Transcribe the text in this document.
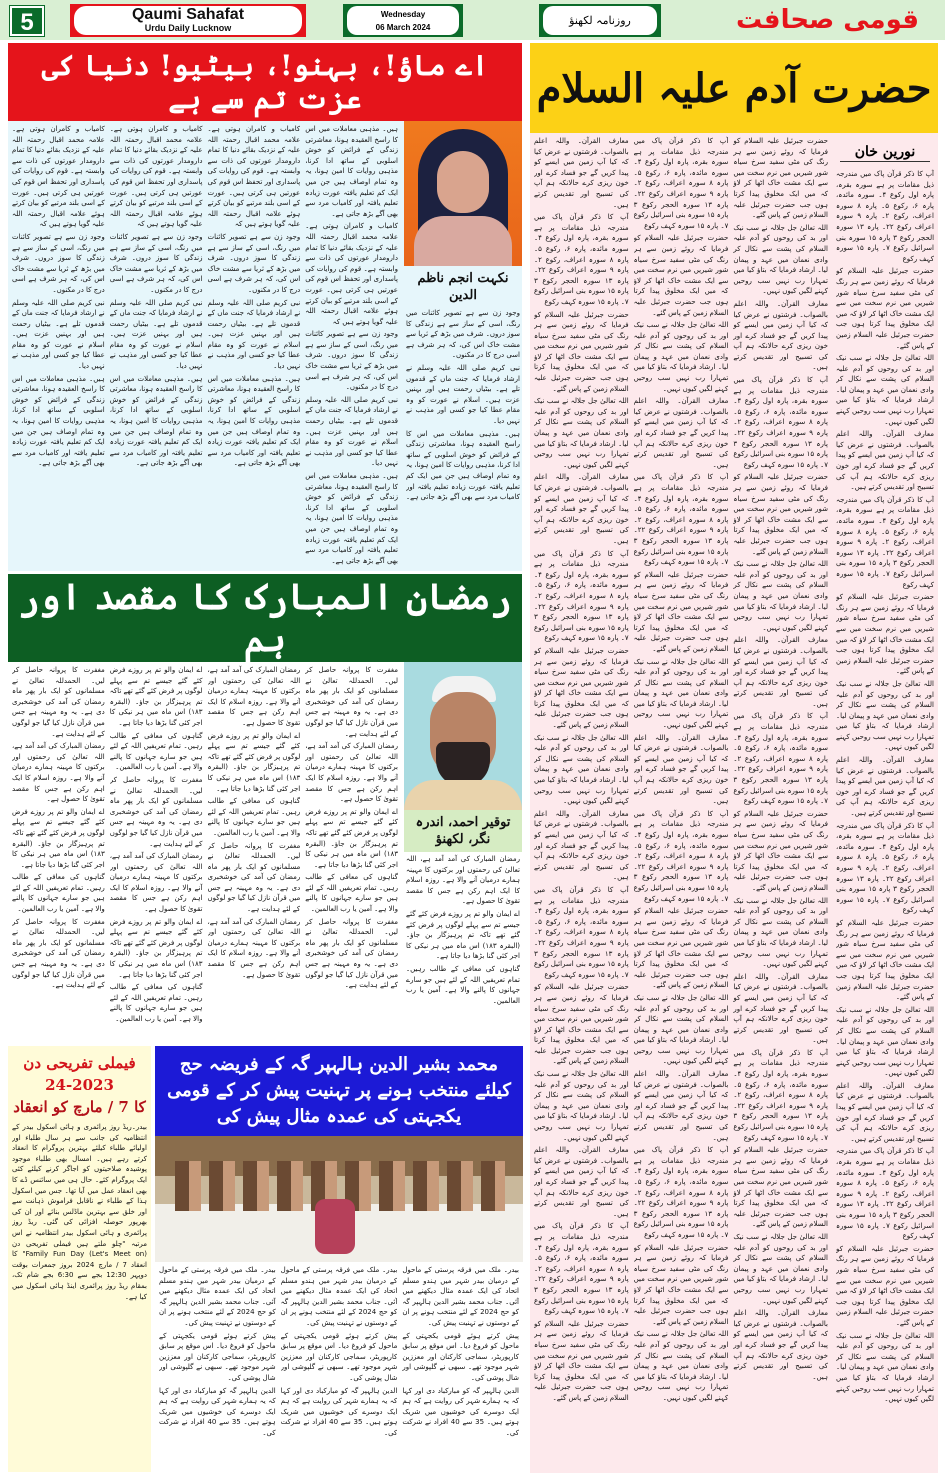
5	Qaumi Sahafat
Urdu Daily Lucknow
Wednesday
06 March 2024
روزنامہ لکھنؤ	قومی صحافت
اے ماؤ!، بہنو!، بیٹیو! دنیا کی عزت تم سے ہے

ہیں۔ مذہبی معاملات میں اس کا راسخ العقیدہ ہونا، معاشرتی زندگی کے فرائض کو خوش اسلوبی کے ساتھ ادا کرنا، مذہبی روایات کا امین ہونا، یہ وہ تمام اوصاف ہیں جن میں ایک کم تعلیم یافتہ عورت زیادہ تعلیم یافتہ اور کامیاب مرد سے بھی آگے بڑھ جاتی ہے۔

کامیاب و کامران ہوتی ہے۔ علامہ محمد اقبال رحمتہ اللہ علیہ کے نزدیک بقائے دنیا کا تمام دارومدار عورتوں کی ذات سے وابستہ ہے۔ قوم کی روایات کی پاسداری اور تحفظ اس قوم کی عورتیں ہی کرتی ہیں۔ عورت کے اسی بلند مرتبے کو بیان کرتے ہوئے علامہ اقبال رحمتہ اللہ علیہ گویا ہوتے ہیں کہ

وجود زن سے ہے تصویر کائنات میں رنگ، اسی کے ساز سے ہے زندگی کا سوز دروں۔ شرف میں بڑھ کے ثریا سے مشت خاک اس کی، کہ ہر شرف ہے اسی درج کا در مکنوں۔

نبی کریم صلی اللہ علیہ وسلم نے ارشاد فرمایا کہ جنت ماں کے قدموں تلے ہے۔ بیٹیاں رحمت ہیں اور بہنیں عزت ہیں۔ اسلام نے عورت کو وہ مقام عطا کیا جو کسی اور مذہب نے نہیں دیا۔

ہیں۔ مذہبی معاملات میں اس کا راسخ العقیدہ ہونا، معاشرتی زندگی کے فرائض کو خوش اسلوبی کے ساتھ ادا کرنا، مذہبی روایات کا امین ہونا، یہ وہ تمام اوصاف ہیں جن میں ایک کم تعلیم یافتہ عورت زیادہ تعلیم یافتہ اور کامیاب مرد سے بھی آگے بڑھ جاتی ہے۔

کامیاب و کامران ہوتی ہے۔ علامہ محمد اقبال رحمتہ اللہ علیہ کے نزدیک بقائے دنیا کا تمام دارومدار عورتوں کی ذات سے وابستہ ہے۔ قوم کی روایات کی پاسداری اور تحفظ اس قوم کی عورتیں ہی کرتی ہیں۔ عورت کے اسی بلند مرتبے کو بیان کرتے ہوئے علامہ اقبال رحمتہ اللہ علیہ گویا ہوتے ہیں کہ

وجود زن سے ہے تصویر کائنات میں رنگ، اسی کے ساز سے ہے زندگی کا سوز دروں۔ شرف میں بڑھ کے ثریا سے مشت خاک اس کی، کہ ہر شرف ہے اسی درج کا در مکنوں۔

نبی کریم صلی اللہ علیہ وسلم نے ارشاد فرمایا کہ جنت ماں کے قدموں تلے ہے۔ بیٹیاں رحمت ہیں اور بہنیں عزت ہیں۔ اسلام نے عورت کو وہ مقام عطا کیا جو کسی اور مذہب نے نہیں دیا۔

ہیں۔ مذہبی معاملات میں اس کا راسخ العقیدہ ہونا، معاشرتی زندگی کے فرائض کو خوش اسلوبی کے ساتھ ادا کرنا، مذہبی روایات کا امین ہونا، یہ وہ تمام اوصاف ہیں جن میں ایک کم تعلیم یافتہ عورت زیادہ تعلیم یافتہ اور کامیاب مرد سے بھی آگے بڑھ جاتی ہے۔

کامیاب و کامران ہوتی ہے۔ علامہ محمد اقبال رحمتہ اللہ علیہ کے نزدیک بقائے دنیا کا تمام دارومدار عورتوں کی ذات سے وابستہ ہے۔ قوم کی روایات کی پاسداری اور تحفظ اس قوم کی عورتیں ہی کرتی ہیں۔ عورت کے اسی بلند مرتبے کو بیان کرتے ہوئے علامہ اقبال رحمتہ اللہ علیہ گویا ہوتے ہیں کہ

وجود زن سے ہے تصویر کائنات میں رنگ، اسی کے ساز سے ہے زندگی کا سوز دروں۔ شرف میں بڑھ کے ثریا سے مشت خاک اس کی، کہ ہر شرف ہے اسی درج کا در مکنوں۔

نبی کریم صلی اللہ علیہ وسلم نے ارشاد فرمایا کہ جنت ماں کے قدموں تلے ہے۔ بیٹیاں رحمت ہیں اور بہنیں عزت ہیں۔ اسلام نے عورت کو وہ مقام عطا کیا جو کسی اور مذہب نے نہیں دیا۔

ہیں۔ مذہبی معاملات میں اس کا راسخ العقیدہ ہونا، معاشرتی زندگی کے فرائض کو خوش اسلوبی کے ساتھ ادا کرنا، مذہبی روایات کا امین ہونا، یہ وہ تمام اوصاف ہیں جن میں ایک کم تعلیم یافتہ عورت زیادہ تعلیم یافتہ اور کامیاب مرد سے بھی آگے بڑھ جاتی ہے۔

کامیاب و کامران ہوتی ہے۔ علامہ محمد اقبال رحمتہ اللہ علیہ کے نزدیک بقائے دنیا کا تمام دارومدار عورتوں کی ذات سے وابستہ ہے۔ قوم کی روایات کی پاسداری اور تحفظ اس قوم کی عورتیں ہی کرتی ہیں۔ عورت کے اسی بلند مرتبے کو بیان کرتے ہوئے علامہ اقبال رحمتہ اللہ علیہ گویا ہوتے ہیں کہ

وجود زن سے ہے تصویر کائنات میں رنگ، اسی کے ساز سے ہے زندگی کا سوز دروں۔ شرف میں بڑھ کے ثریا سے مشت خاک اس کی، کہ ہر شرف ہے اسی درج کا در مکنوں۔

نبی کریم صلی اللہ علیہ وسلم نے ارشاد فرمایا کہ جنت ماں کے قدموں تلے ہے۔ بیٹیاں رحمت ہیں اور بہنیں عزت ہیں۔ اسلام نے عورت کو وہ مقام عطا کیا جو کسی اور مذہب نے نہیں دیا۔

ہیں۔ مذہبی معاملات میں اس کا راسخ العقیدہ ہونا، معاشرتی زندگی کے فرائض کو خوش اسلوبی کے ساتھ ادا کرنا، مذہبی روایات کا امین ہونا، یہ وہ تمام اوصاف ہیں جن میں ایک کم تعلیم یافتہ عورت زیادہ تعلیم یافتہ اور کامیاب مرد سے بھی آگے بڑھ جاتی ہے۔

نکہت انجم ناظم الدین

وجود زن سے ہے تصویر کائنات میں رنگ، اسی کے ساز سے ہے زندگی کا سوز دروں۔ شرف میں بڑھ کے ثریا سے مشت خاک اس کی، کہ ہر شرف ہے اسی درج کا در مکنوں۔

نبی کریم صلی اللہ علیہ وسلم نے ارشاد فرمایا کہ جنت ماں کے قدموں تلے ہے۔ بیٹیاں رحمت ہیں اور بہنیں عزت ہیں۔ اسلام نے عورت کو وہ مقام عطا کیا جو کسی اور مذہب نے نہیں دیا۔

ہیں۔ مذہبی معاملات میں اس کا راسخ العقیدہ ہونا، معاشرتی زندگی کے فرائض کو خوش اسلوبی کے ساتھ ادا کرنا، مذہبی روایات کا امین ہونا، یہ وہ تمام اوصاف ہیں جن میں ایک کم تعلیم یافتہ عورت زیادہ تعلیم یافتہ اور کامیاب مرد سے بھی آگے بڑھ جاتی ہے۔

رمضان المبارک کا مقصد اور ہم

مغفرت کا پروانہ حاصل کر لیں۔ الحمدللہ تعالیٰ نے مسلمانوں کو ایک بار پھر ماہ رمضان کی آمد کی خوشخبری دی ہے۔ یہ وہ مہینہ ہے جس میں قرآن نازل کیا گیا جو لوگوں کے لئے ہدایت ہے۔

رمضان المبارک کی آمد آمد ہے، اللہ تعالیٰ کی رحمتوں اور برکتوں کا مہینہ ہمارے درمیان آنے والا ہے۔ روزہ اسلام کا ایک اہم رکن ہے جس کا مقصد تقویٰ کا حصول ہے۔

اے ایمان والو تم پر روزے فرض کئے گئے جیسے تم سے پہلے لوگوں پر فرض کئے گئے تھے تاکہ تم پرہیزگار بن جاؤ۔ (البقرہ ۱۸۳) اس ماہ میں ہر نیکی کا اجر کئی گنا بڑھا دیا جاتا ہے۔

گناہوں کی معافی کے طالب رہیں۔ تمام تعریفیں اللہ کے لئے ہیں جو سارے جہانوں کا پالنے والا ہے۔ آمین یا رب العالمین۔

مغفرت کا پروانہ حاصل کر لیں۔ الحمدللہ تعالیٰ نے مسلمانوں کو ایک بار پھر ماہ رمضان کی آمد کی خوشخبری دی ہے۔ یہ وہ مہینہ ہے جس میں قرآن نازل کیا گیا جو لوگوں کے لئے ہدایت ہے۔

رمضان المبارک کی آمد آمد ہے، اللہ تعالیٰ کی رحمتوں اور برکتوں کا مہینہ ہمارے درمیان آنے والا ہے۔ روزہ اسلام کا ایک اہم رکن ہے جس کا مقصد تقویٰ کا حصول ہے۔

اے ایمان والو تم پر روزے فرض کئے گئے جیسے تم سے پہلے لوگوں پر فرض کئے گئے تھے تاکہ تم پرہیزگار بن جاؤ۔ (البقرہ ۱۸۳) اس ماہ میں ہر نیکی کا اجر کئی گنا بڑھا دیا جاتا ہے۔

گناہوں کی معافی کے طالب رہیں۔ تمام تعریفیں اللہ کے لئے ہیں جو سارے جہانوں کا پالنے والا ہے۔ آمین یا رب العالمین۔

مغفرت کا پروانہ حاصل کر لیں۔ الحمدللہ تعالیٰ نے مسلمانوں کو ایک بار پھر ماہ رمضان کی آمد کی خوشخبری دی ہے۔ یہ وہ مہینہ ہے جس میں قرآن نازل کیا گیا جو لوگوں کے لئے ہدایت ہے۔

رمضان المبارک کی آمد آمد ہے، اللہ تعالیٰ کی رحمتوں اور برکتوں کا مہینہ ہمارے درمیان آنے والا ہے۔ روزہ اسلام کا ایک اہم رکن ہے جس کا مقصد تقویٰ کا حصول ہے۔

اے ایمان والو تم پر روزے فرض کئے گئے جیسے تم سے پہلے لوگوں پر فرض کئے گئے تھے تاکہ تم پرہیزگار بن جاؤ۔ (البقرہ ۱۸۳) اس ماہ میں ہر نیکی کا اجر کئی گنا بڑھا دیا جاتا ہے۔

گناہوں کی معافی کے طالب رہیں۔ تمام تعریفیں اللہ کے لئے ہیں جو سارے جہانوں کا پالنے والا ہے۔ آمین یا رب العالمین۔

مغفرت کا پروانہ حاصل کر لیں۔ الحمدللہ تعالیٰ نے مسلمانوں کو ایک بار پھر ماہ رمضان کی آمد کی خوشخبری دی ہے۔ یہ وہ مہینہ ہے جس میں قرآن نازل کیا گیا جو لوگوں کے لئے ہدایت ہے۔

رمضان المبارک کی آمد آمد ہے، اللہ تعالیٰ کی رحمتوں اور برکتوں کا مہینہ ہمارے درمیان آنے والا ہے۔ روزہ اسلام کا ایک اہم رکن ہے جس کا مقصد تقویٰ کا حصول ہے۔

اے ایمان والو تم پر روزے فرض کئے گئے جیسے تم سے پہلے لوگوں پر فرض کئے گئے تھے تاکہ تم پرہیزگار بن جاؤ۔ (البقرہ ۱۸۳) اس ماہ میں ہر نیکی کا اجر کئی گنا بڑھا دیا جاتا ہے۔

گناہوں کی معافی کے طالب رہیں۔ تمام تعریفیں اللہ کے لئے ہیں جو سارے جہانوں کا پالنے والا ہے۔ آمین یا رب العالمین۔

مغفرت کا پروانہ حاصل کر لیں۔ الحمدللہ تعالیٰ نے مسلمانوں کو ایک بار پھر ماہ رمضان کی آمد کی خوشخبری دی ہے۔ یہ وہ مہینہ ہے جس میں قرآن نازل کیا گیا جو لوگوں کے لئے ہدایت ہے۔

رمضان المبارک کی آمد آمد ہے، اللہ تعالیٰ کی رحمتوں اور برکتوں کا مہینہ ہمارے درمیان آنے والا ہے۔ روزہ اسلام کا ایک اہم رکن ہے جس کا مقصد تقویٰ کا حصول ہے۔

اے ایمان والو تم پر روزے فرض کئے گئے جیسے تم سے پہلے لوگوں پر فرض کئے گئے تھے تاکہ تم پرہیزگار بن جاؤ۔ (البقرہ ۱۸۳) اس ماہ میں ہر نیکی کا اجر کئی گنا بڑھا دیا جاتا ہے۔

گناہوں کی معافی کے طالب رہیں۔ تمام تعریفیں اللہ کے لئے ہیں جو سارے جہانوں کا پالنے والا ہے۔ آمین یا رب العالمین۔

مغفرت کا پروانہ حاصل کر لیں۔ الحمدللہ تعالیٰ نے مسلمانوں کو ایک بار پھر ماہ رمضان کی آمد کی خوشخبری دی ہے۔ یہ وہ مہینہ ہے جس میں قرآن نازل کیا گیا جو لوگوں کے لئے ہدایت ہے۔

توقیر احمد، اندرہ نگر، لکھنؤ

رمضان المبارک کی آمد آمد ہے، اللہ تعالیٰ کی رحمتوں اور برکتوں کا مہینہ ہمارے درمیان آنے والا ہے۔ روزہ اسلام کا ایک اہم رکن ہے جس کا مقصد تقویٰ کا حصول ہے۔

اے ایمان والو تم پر روزے فرض کئے گئے جیسے تم سے پہلے لوگوں پر فرض کئے گئے تھے تاکہ تم پرہیزگار بن جاؤ۔ (البقرہ ۱۸۳) اس ماہ میں ہر نیکی کا اجر کئی گنا بڑھا دیا جاتا ہے۔

گناہوں کی معافی کے طالب رہیں۔ تمام تعریفیں اللہ کے لئے ہیں جو سارے جہانوں کا پالنے والا ہے۔ آمین یا رب العالمین۔

فیملی تفریحی دن 2023-24
کا 7 / مارچ کو انعقاد

بیدر۔ریڈ روز پرائمری و ہائی اسکول بیدر کے انتظامیہ کی جانب سے ہر سال طلباء اور اولیائے طلباء کیلئے بہترین پروگرام کا انعقاد کرتے رہے ہیں۔ امسال بھی طلباء موجود پوشیدہ صلاحیتوں کو اجاگر کرنے کیلئے کئی ایک پروگرام کئے۔ حال ہی میں سائنس ڈے کا بھی انعقاد عمل میں آیا تھا۔ جس میں اسکول ہذا کے طلباء نے ناقابل فراموش ذہانت سے اور خلق سے بہترین ماڈلس بنائے اور ان کی بھرپور حوصلہ افزائی کی گئی۔ ریڈ روز پرائمری و ہائی اسکول بیدر انتظامیہ نے اس مرتبہ "چلو ملتے ہیں فیملی تفریحی دن (Let's Meet on) Family Fun Day" کا انعقاد 7 / مارچ 2024 بروز جمعرات بوقت دوپہر 12:30 بجے سے 6:30 بجے شام تک، بمقام ریڈ روز پرائمری اینڈ ہائی اسکول میں کیا ہے۔

محمد بشیر الدین ہالہپر گہ کے فریضہ حج کیلئے منتخب ہونے پر تہنیت پیش کر کے قومی یکجہتی کی عمدہ مثال پیش کی

بیدر۔ ملک میں فرقہ پرستی کے ماحول کے درمیان بیدر شہر میں ہندو مسلم اتحاد کی ایک عمدہ مثال دیکھنے میں آئی۔ جناب محمد بشیر الدین ہالہپر گہ کو حج 2024 کے لئے منتخب ہونے پر ان کے دوستوں نے تہنیت پیش کی۔

پیش کرتے ہوئے قومی یکجہتی کے ماحول کو فروغ دیا۔ اس موقع پر سابق کارپوریٹر، سماجی کارکنان اور معززین شہر موجود تھے۔ سبھی نے گلپوشی اور شال پوشی کی۔

الدین ہالہپر گہ کو مبارکباد دی اور کہا کہ یہ ہمارے شہر کی روایت ہے کہ ہم ایک دوسرے کی خوشیوں میں شریک ہوتے ہیں۔ 35 سے 40 افراد نے شرکت کی۔

بیدر۔ ملک میں فرقہ پرستی کے ماحول کے درمیان بیدر شہر میں ہندو مسلم اتحاد کی ایک عمدہ مثال دیکھنے میں آئی۔ جناب محمد بشیر الدین ہالہپر گہ کو حج 2024 کے لئے منتخب ہونے پر ان کے دوستوں نے تہنیت پیش کی۔

پیش کرتے ہوئے قومی یکجہتی کے ماحول کو فروغ دیا۔ اس موقع پر سابق کارپوریٹر، سماجی کارکنان اور معززین شہر موجود تھے۔ سبھی نے گلپوشی اور شال پوشی کی۔

الدین ہالہپر گہ کو مبارکباد دی اور کہا کہ یہ ہمارے شہر کی روایت ہے کہ ہم ایک دوسرے کی خوشیوں میں شریک ہوتے ہیں۔ 35 سے 40 افراد نے شرکت کی۔

بیدر۔ ملک میں فرقہ پرستی کے ماحول کے درمیان بیدر شہر میں ہندو مسلم اتحاد کی ایک عمدہ مثال دیکھنے میں آئی۔ جناب محمد بشیر الدین ہالہپر گہ کو حج 2024 کے لئے منتخب ہونے پر ان کے دوستوں نے تہنیت پیش کی۔

پیش کرتے ہوئے قومی یکجہتی کے ماحول کو فروغ دیا۔ اس موقع پر سابق کارپوریٹر، سماجی کارکنان اور معززین شہر موجود تھے۔ سبھی نے گلپوشی اور شال پوشی کی۔

الدین ہالہپر گہ کو مبارکباد دی اور کہا کہ یہ ہمارے شہر کی روایت ہے کہ ہم ایک دوسرے کی خوشیوں میں شریک ہوتے ہیں۔ 35 سے 40 افراد نے شرکت کی۔

حضرت آدم علیہ السلام
نورین خان

آپ کا ذکر قرآن پاک میں مندرجہ ذیل مقامات پر ہے سورہ بقرہ، پارہ اول رکوع ۴۔ سورہ مائدہ، پارہ ۶، رکوع ۵۔ پارہ ۸ سورہ اعراف، رکوع ۲۔ پارہ ۹ سورہ اعراف رکوع ۲۲۔ پارہ ۱۳ سورہ الحجر رکوع ۳ پارہ ۱۵ سورہ بنی اسرائیل رکوع ۷۔ پارہ ۱۵ سورہ کہف رکوع

حضرت جبرئیل علیہ السلام کو فرمایا کہ روئے زمین سے ہر رنگ کی مٹی سفید سرخ سیاہ شور شیریں میں نرم سخت میں سے ایک مشت خاک اٹھا کر لاؤ کہ میں ایک مخلوق پیدا کرتا ہوں جب حضرت جبرئیل علیہ السلام زمین کے پاس گئے۔

اللہ تعالیٰ جل جلالہ نے سب نیک اور بد کی روحوں کو آدم علیہ السلام کی پشت سے نکال کر وادی نعمان میں عہد و پیمان لیا۔ ارشاد فرمایا کہ بتاؤ کیا میں تمہارا رب نہیں سب روحیں کہنے لگیں کیوں نہیں۔

معارف القرآن۔ واللہ اعلم بالصواب۔ فرشتوں نے عرض کیا کہ کیا آپ زمین میں ایسے کو پیدا کریں گے جو فساد کرے اور خون ریزی کرے حالانکہ ہم آپ کی تسبیح اور تقدیس کرتے ہیں۔

آپ کا ذکر قرآن پاک میں مندرجہ ذیل مقامات پر ہے سورہ بقرہ، پارہ اول رکوع ۴۔ سورہ مائدہ، پارہ ۶، رکوع ۵۔ پارہ ۸ سورہ اعراف، رکوع ۲۔ پارہ ۹ سورہ اعراف رکوع ۲۲۔ پارہ ۱۳ سورہ الحجر رکوع ۳ پارہ ۱۵ سورہ بنی اسرائیل رکوع ۷۔ پارہ ۱۵ سورہ کہف رکوع

حضرت جبرئیل علیہ السلام کو فرمایا کہ روئے زمین سے ہر رنگ کی مٹی سفید سرخ سیاہ شور شیریں میں نرم سخت میں سے ایک مشت خاک اٹھا کر لاؤ کہ میں ایک مخلوق پیدا کرتا ہوں جب حضرت جبرئیل علیہ السلام زمین کے پاس گئے۔

اللہ تعالیٰ جل جلالہ نے سب نیک اور بد کی روحوں کو آدم علیہ السلام کی پشت سے نکال کر وادی نعمان میں عہد و پیمان لیا۔ ارشاد فرمایا کہ بتاؤ کیا میں تمہارا رب نہیں سب روحیں کہنے لگیں کیوں نہیں۔

معارف القرآن۔ واللہ اعلم بالصواب۔ فرشتوں نے عرض کیا کہ کیا آپ زمین میں ایسے کو پیدا کریں گے جو فساد کرے اور خون ریزی کرے حالانکہ ہم آپ کی تسبیح اور تقدیس کرتے ہیں۔

آپ کا ذکر قرآن پاک میں مندرجہ ذیل مقامات پر ہے سورہ بقرہ، پارہ اول رکوع ۴۔ سورہ مائدہ، پارہ ۶، رکوع ۵۔ پارہ ۸ سورہ اعراف، رکوع ۲۔ پارہ ۹ سورہ اعراف رکوع ۲۲۔ پارہ ۱۳ سورہ الحجر رکوع ۳ پارہ ۱۵ سورہ بنی اسرائیل رکوع ۷۔ پارہ ۱۵ سورہ کہف رکوع

حضرت جبرئیل علیہ السلام کو فرمایا کہ روئے زمین سے ہر رنگ کی مٹی سفید سرخ سیاہ شور شیریں میں نرم سخت میں سے ایک مشت خاک اٹھا کر لاؤ کہ میں ایک مخلوق پیدا کرتا ہوں جب حضرت جبرئیل علیہ السلام زمین کے پاس گئے۔

اللہ تعالیٰ جل جلالہ نے سب نیک اور بد کی روحوں کو آدم علیہ السلام کی پشت سے نکال کر وادی نعمان میں عہد و پیمان لیا۔ ارشاد فرمایا کہ بتاؤ کیا میں تمہارا رب نہیں سب روحیں کہنے لگیں کیوں نہیں۔

معارف القرآن۔ واللہ اعلم بالصواب۔ فرشتوں نے عرض کیا کہ کیا آپ زمین میں ایسے کو پیدا کریں گے جو فساد کرے اور خون ریزی کرے حالانکہ ہم آپ کی تسبیح اور تقدیس کرتے ہیں۔

آپ کا ذکر قرآن پاک میں مندرجہ ذیل مقامات پر ہے سورہ بقرہ، پارہ اول رکوع ۴۔ سورہ مائدہ، پارہ ۶، رکوع ۵۔ پارہ ۸ سورہ اعراف، رکوع ۲۔ پارہ ۹ سورہ اعراف رکوع ۲۲۔ پارہ ۱۳ سورہ الحجر رکوع ۳ پارہ ۱۵ سورہ بنی اسرائیل رکوع ۷۔ پارہ ۱۵ سورہ کہف رکوع

حضرت جبرئیل علیہ السلام کو فرمایا کہ روئے زمین سے ہر رنگ کی مٹی سفید سرخ سیاہ شور شیریں میں نرم سخت میں سے ایک مشت خاک اٹھا کر لاؤ کہ میں ایک مخلوق پیدا کرتا ہوں جب حضرت جبرئیل علیہ السلام زمین کے پاس گئے۔

اللہ تعالیٰ جل جلالہ نے سب نیک اور بد کی روحوں کو آدم علیہ السلام کی پشت سے نکال کر وادی نعمان میں عہد و پیمان لیا۔ ارشاد فرمایا کہ بتاؤ کیا میں تمہارا رب نہیں سب روحیں کہنے لگیں کیوں نہیں۔

حضرت جبرئیل علیہ السلام کو فرمایا کہ روئے زمین سے ہر رنگ کی مٹی سفید سرخ سیاہ شور شیریں میں نرم سخت میں سے ایک مشت خاک اٹھا کر لاؤ کہ میں ایک مخلوق پیدا کرتا ہوں جب حضرت جبرئیل علیہ السلام زمین کے پاس گئے۔

اللہ تعالیٰ جل جلالہ نے سب نیک اور بد کی روحوں کو آدم علیہ السلام کی پشت سے نکال کر وادی نعمان میں عہد و پیمان لیا۔ ارشاد فرمایا کہ بتاؤ کیا میں تمہارا رب نہیں سب روحیں کہنے لگیں کیوں نہیں۔

معارف القرآن۔ واللہ اعلم بالصواب۔ فرشتوں نے عرض کیا کہ کیا آپ زمین میں ایسے کو پیدا کریں گے جو فساد کرے اور خون ریزی کرے حالانکہ ہم آپ کی تسبیح اور تقدیس کرتے ہیں۔

آپ کا ذکر قرآن پاک میں مندرجہ ذیل مقامات پر ہے سورہ بقرہ، پارہ اول رکوع ۴۔ سورہ مائدہ، پارہ ۶، رکوع ۵۔ پارہ ۸ سورہ اعراف، رکوع ۲۔ پارہ ۹ سورہ اعراف رکوع ۲۲۔ پارہ ۱۳ سورہ الحجر رکوع ۳ پارہ ۱۵ سورہ بنی اسرائیل رکوع ۷۔ پارہ ۱۵ سورہ کہف رکوع

حضرت جبرئیل علیہ السلام کو فرمایا کہ روئے زمین سے ہر رنگ کی مٹی سفید سرخ سیاہ شور شیریں میں نرم سخت میں سے ایک مشت خاک اٹھا کر لاؤ کہ میں ایک مخلوق پیدا کرتا ہوں جب حضرت جبرئیل علیہ السلام زمین کے پاس گئے۔

اللہ تعالیٰ جل جلالہ نے سب نیک اور بد کی روحوں کو آدم علیہ السلام کی پشت سے نکال کر وادی نعمان میں عہد و پیمان لیا۔ ارشاد فرمایا کہ بتاؤ کیا میں تمہارا رب نہیں سب روحیں کہنے لگیں کیوں نہیں۔

معارف القرآن۔ واللہ اعلم بالصواب۔ فرشتوں نے عرض کیا کہ کیا آپ زمین میں ایسے کو پیدا کریں گے جو فساد کرے اور خون ریزی کرے حالانکہ ہم آپ کی تسبیح اور تقدیس کرتے ہیں۔

آپ کا ذکر قرآن پاک میں مندرجہ ذیل مقامات پر ہے سورہ بقرہ، پارہ اول رکوع ۴۔ سورہ مائدہ، پارہ ۶، رکوع ۵۔ پارہ ۸ سورہ اعراف، رکوع ۲۔ پارہ ۹ سورہ اعراف رکوع ۲۲۔ پارہ ۱۳ سورہ الحجر رکوع ۳ پارہ ۱۵ سورہ بنی اسرائیل رکوع ۷۔ پارہ ۱۵ سورہ کہف رکوع

حضرت جبرئیل علیہ السلام کو فرمایا کہ روئے زمین سے ہر رنگ کی مٹی سفید سرخ سیاہ شور شیریں میں نرم سخت میں سے ایک مشت خاک اٹھا کر لاؤ کہ میں ایک مخلوق پیدا کرتا ہوں جب حضرت جبرئیل علیہ السلام زمین کے پاس گئے۔

اللہ تعالیٰ جل جلالہ نے سب نیک اور بد کی روحوں کو آدم علیہ السلام کی پشت سے نکال کر وادی نعمان میں عہد و پیمان لیا۔ ارشاد فرمایا کہ بتاؤ کیا میں تمہارا رب نہیں سب روحیں کہنے لگیں کیوں نہیں۔

معارف القرآن۔ واللہ اعلم بالصواب۔ فرشتوں نے عرض کیا کہ کیا آپ زمین میں ایسے کو پیدا کریں گے جو فساد کرے اور خون ریزی کرے حالانکہ ہم آپ کی تسبیح اور تقدیس کرتے ہیں۔

آپ کا ذکر قرآن پاک میں مندرجہ ذیل مقامات پر ہے سورہ بقرہ، پارہ اول رکوع ۴۔ سورہ مائدہ، پارہ ۶، رکوع ۵۔ پارہ ۸ سورہ اعراف، رکوع ۲۔ پارہ ۹ سورہ اعراف رکوع ۲۲۔ پارہ ۱۳ سورہ الحجر رکوع ۳ پارہ ۱۵ سورہ بنی اسرائیل رکوع ۷۔ پارہ ۱۵ سورہ کہف رکوع

حضرت جبرئیل علیہ السلام کو فرمایا کہ روئے زمین سے ہر رنگ کی مٹی سفید سرخ سیاہ شور شیریں میں نرم سخت میں سے ایک مشت خاک اٹھا کر لاؤ کہ میں ایک مخلوق پیدا کرتا ہوں جب حضرت جبرئیل علیہ السلام زمین کے پاس گئے۔

اللہ تعالیٰ جل جلالہ نے سب نیک اور بد کی روحوں کو آدم علیہ السلام کی پشت سے نکال کر وادی نعمان میں عہد و پیمان لیا۔ ارشاد فرمایا کہ بتاؤ کیا میں تمہارا رب نہیں سب روحیں کہنے لگیں کیوں نہیں۔

معارف القرآن۔ واللہ اعلم بالصواب۔ فرشتوں نے عرض کیا کہ کیا آپ زمین میں ایسے کو پیدا کریں گے جو فساد کرے اور خون ریزی کرے حالانکہ ہم آپ کی تسبیح اور تقدیس کرتے ہیں۔

آپ کا ذکر قرآن پاک میں مندرجہ ذیل مقامات پر ہے سورہ بقرہ، پارہ اول رکوع ۴۔ سورہ مائدہ، پارہ ۶، رکوع ۵۔ پارہ ۸ سورہ اعراف، رکوع ۲۔ پارہ ۹ سورہ اعراف رکوع ۲۲۔ پارہ ۱۳ سورہ الحجر رکوع ۳ پارہ ۱۵ سورہ بنی اسرائیل رکوع ۷۔ پارہ ۱۵ سورہ کہف رکوع

حضرت جبرئیل علیہ السلام کو فرمایا کہ روئے زمین سے ہر رنگ کی مٹی سفید سرخ سیاہ شور شیریں میں نرم سخت میں سے ایک مشت خاک اٹھا کر لاؤ کہ میں ایک مخلوق پیدا کرتا ہوں جب حضرت جبرئیل علیہ السلام زمین کے پاس گئے۔

اللہ تعالیٰ جل جلالہ نے سب نیک اور بد کی روحوں کو آدم علیہ السلام کی پشت سے نکال کر وادی نعمان میں عہد و پیمان لیا۔ ارشاد فرمایا کہ بتاؤ کیا میں تمہارا رب نہیں سب روحیں کہنے لگیں کیوں نہیں۔

معارف القرآن۔ واللہ اعلم بالصواب۔ فرشتوں نے عرض کیا کہ کیا آپ زمین میں ایسے کو پیدا کریں گے جو فساد کرے اور خون ریزی کرے حالانکہ ہم آپ کی تسبیح اور تقدیس کرتے ہیں۔

آپ کا ذکر قرآن پاک میں مندرجہ ذیل مقامات پر ہے سورہ بقرہ، پارہ اول رکوع ۴۔ سورہ مائدہ، پارہ ۶، رکوع ۵۔ پارہ ۸ سورہ اعراف، رکوع ۲۔ پارہ ۹ سورہ اعراف رکوع ۲۲۔ پارہ ۱۳ سورہ الحجر رکوع ۳ پارہ ۱۵ سورہ بنی اسرائیل رکوع ۷۔ پارہ ۱۵ سورہ کہف رکوع

حضرت جبرئیل علیہ السلام کو فرمایا کہ روئے زمین سے ہر رنگ کی مٹی سفید سرخ سیاہ شور شیریں میں نرم سخت میں سے ایک مشت خاک اٹھا کر لاؤ کہ میں ایک مخلوق پیدا کرتا ہوں جب حضرت جبرئیل علیہ السلام زمین کے پاس گئے۔

اللہ تعالیٰ جل جلالہ نے سب نیک اور بد کی روحوں کو آدم علیہ السلام کی پشت سے نکال کر وادی نعمان میں عہد و پیمان لیا۔ ارشاد فرمایا کہ بتاؤ کیا میں تمہارا رب نہیں سب روحیں کہنے لگیں کیوں نہیں۔

معارف القرآن۔ واللہ اعلم بالصواب۔ فرشتوں نے عرض کیا کہ کیا آپ زمین میں ایسے کو پیدا کریں گے جو فساد کرے اور خون ریزی کرے حالانکہ ہم آپ کی تسبیح اور تقدیس کرتے ہیں۔

آپ کا ذکر قرآن پاک میں مندرجہ ذیل مقامات پر ہے سورہ بقرہ، پارہ اول رکوع ۴۔ سورہ مائدہ، پارہ ۶، رکوع ۵۔ پارہ ۸ سورہ اعراف، رکوع ۲۔ پارہ ۹ سورہ اعراف رکوع ۲۲۔ پارہ ۱۳ سورہ الحجر رکوع ۳ پارہ ۱۵ سورہ بنی اسرائیل رکوع ۷۔ پارہ ۱۵ سورہ کہف رکوع

حضرت جبرئیل علیہ السلام کو فرمایا کہ روئے زمین سے ہر رنگ کی مٹی سفید سرخ سیاہ شور شیریں میں نرم سخت میں سے ایک مشت خاک اٹھا کر لاؤ کہ میں ایک مخلوق پیدا کرتا ہوں جب حضرت جبرئیل علیہ السلام زمین کے پاس گئے۔

اللہ تعالیٰ جل جلالہ نے سب نیک اور بد کی روحوں کو آدم علیہ السلام کی پشت سے نکال کر وادی نعمان میں عہد و پیمان لیا۔ ارشاد فرمایا کہ بتاؤ کیا میں تمہارا رب نہیں سب روحیں کہنے لگیں کیوں نہیں۔

معارف القرآن۔ واللہ اعلم بالصواب۔ فرشتوں نے عرض کیا کہ کیا آپ زمین میں ایسے کو پیدا کریں گے جو فساد کرے اور خون ریزی کرے حالانکہ ہم آپ کی تسبیح اور تقدیس کرتے ہیں۔

آپ کا ذکر قرآن پاک میں مندرجہ ذیل مقامات پر ہے سورہ بقرہ، پارہ اول رکوع ۴۔ سورہ مائدہ، پارہ ۶، رکوع ۵۔ پارہ ۸ سورہ اعراف، رکوع ۲۔ پارہ ۹ سورہ اعراف رکوع ۲۲۔ پارہ ۱۳ سورہ الحجر رکوع ۳ پارہ ۱۵ سورہ بنی اسرائیل رکوع ۷۔ پارہ ۱۵ سورہ کہف رکوع

حضرت جبرئیل علیہ السلام کو فرمایا کہ روئے زمین سے ہر رنگ کی مٹی سفید سرخ سیاہ شور شیریں میں نرم سخت میں سے ایک مشت خاک اٹھا کر لاؤ کہ میں ایک مخلوق پیدا کرتا ہوں جب حضرت جبرئیل علیہ السلام زمین کے پاس گئے۔

اللہ تعالیٰ جل جلالہ نے سب نیک اور بد کی روحوں کو آدم علیہ السلام کی پشت سے نکال کر وادی نعمان میں عہد و پیمان لیا۔ ارشاد فرمایا کہ بتاؤ کیا میں تمہارا رب نہیں سب روحیں کہنے لگیں کیوں نہیں۔

معارف القرآن۔ واللہ اعلم بالصواب۔ فرشتوں نے عرض کیا کہ کیا آپ زمین میں ایسے کو پیدا کریں گے جو فساد کرے اور خون ریزی کرے حالانکہ ہم آپ کی تسبیح اور تقدیس کرتے ہیں۔

آپ کا ذکر قرآن پاک میں مندرجہ ذیل مقامات پر ہے سورہ بقرہ، پارہ اول رکوع ۴۔ سورہ مائدہ، پارہ ۶، رکوع ۵۔ پارہ ۸ سورہ اعراف، رکوع ۲۔ پارہ ۹ سورہ اعراف رکوع ۲۲۔ پارہ ۱۳ سورہ الحجر رکوع ۳ پارہ ۱۵ سورہ بنی اسرائیل رکوع ۷۔ پارہ ۱۵ سورہ کہف رکوع

حضرت جبرئیل علیہ السلام کو فرمایا کہ روئے زمین سے ہر رنگ کی مٹی سفید سرخ سیاہ شور شیریں میں نرم سخت میں سے ایک مشت خاک اٹھا کر لاؤ کہ میں ایک مخلوق پیدا کرتا ہوں جب حضرت جبرئیل علیہ السلام زمین کے پاس گئے۔

اللہ تعالیٰ جل جلالہ نے سب نیک اور بد کی روحوں کو آدم علیہ السلام کی پشت سے نکال کر وادی نعمان میں عہد و پیمان لیا۔ ارشاد فرمایا کہ بتاؤ کیا میں تمہارا رب نہیں سب روحیں کہنے لگیں کیوں نہیں۔

معارف القرآن۔ واللہ اعلم بالصواب۔ فرشتوں نے عرض کیا کہ کیا آپ زمین میں ایسے کو پیدا کریں گے جو فساد کرے اور خون ریزی کرے حالانکہ ہم آپ کی تسبیح اور تقدیس کرتے ہیں۔

آپ کا ذکر قرآن پاک میں مندرجہ ذیل مقامات پر ہے سورہ بقرہ، پارہ اول رکوع ۴۔ سورہ مائدہ، پارہ ۶، رکوع ۵۔ پارہ ۸ سورہ اعراف، رکوع ۲۔ پارہ ۹ سورہ اعراف رکوع ۲۲۔ پارہ ۱۳ سورہ الحجر رکوع ۳ پارہ ۱۵ سورہ بنی اسرائیل رکوع ۷۔ پارہ ۱۵ سورہ کہف رکوع

حضرت جبرئیل علیہ السلام کو فرمایا کہ روئے زمین سے ہر رنگ کی مٹی سفید سرخ سیاہ شور شیریں میں نرم سخت میں سے ایک مشت خاک اٹھا کر لاؤ کہ میں ایک مخلوق پیدا کرتا ہوں جب حضرت جبرئیل علیہ السلام زمین کے پاس گئے۔

اللہ تعالیٰ جل جلالہ نے سب نیک اور بد کی روحوں کو آدم علیہ السلام کی پشت سے نکال کر وادی نعمان میں عہد و پیمان لیا۔ ارشاد فرمایا کہ بتاؤ کیا میں تمہارا رب نہیں سب روحیں کہنے لگیں کیوں نہیں۔

معارف القرآن۔ واللہ اعلم بالصواب۔ فرشتوں نے عرض کیا کہ کیا آپ زمین میں ایسے کو پیدا کریں گے جو فساد کرے اور خون ریزی کرے حالانکہ ہم آپ کی تسبیح اور تقدیس کرتے ہیں۔

آپ کا ذکر قرآن پاک میں مندرجہ ذیل مقامات پر ہے سورہ بقرہ، پارہ اول رکوع ۴۔ سورہ مائدہ، پارہ ۶، رکوع ۵۔ پارہ ۸ سورہ اعراف، رکوع ۲۔ پارہ ۹ سورہ اعراف رکوع ۲۲۔ پارہ ۱۳ سورہ الحجر رکوع ۳ پارہ ۱۵ سورہ بنی اسرائیل رکوع ۷۔ پارہ ۱۵ سورہ کہف رکوع

حضرت جبرئیل علیہ السلام کو فرمایا کہ روئے زمین سے ہر رنگ کی مٹی سفید سرخ سیاہ شور شیریں میں نرم سخت میں سے ایک مشت خاک اٹھا کر لاؤ کہ میں ایک مخلوق پیدا کرتا ہوں جب حضرت جبرئیل علیہ السلام زمین کے پاس گئے۔

اللہ تعالیٰ جل جلالہ نے سب نیک اور بد کی روحوں کو آدم علیہ السلام کی پشت سے نکال کر وادی نعمان میں عہد و پیمان لیا۔ ارشاد فرمایا کہ بتاؤ کیا میں تمہارا رب نہیں سب روحیں کہنے لگیں کیوں نہیں۔

معارف القرآن۔ واللہ اعلم بالصواب۔ فرشتوں نے عرض کیا کہ کیا آپ زمین میں ایسے کو پیدا کریں گے جو فساد کرے اور خون ریزی کرے حالانکہ ہم آپ کی تسبیح اور تقدیس کرتے ہیں۔

آپ کا ذکر قرآن پاک میں مندرجہ ذیل مقامات پر ہے سورہ بقرہ، پارہ اول رکوع ۴۔ سورہ مائدہ، پارہ ۶، رکوع ۵۔ پارہ ۸ سورہ اعراف، رکوع ۲۔ پارہ ۹ سورہ اعراف رکوع ۲۲۔ پارہ ۱۳ سورہ الحجر رکوع ۳ پارہ ۱۵ سورہ بنی اسرائیل رکوع ۷۔ پارہ ۱۵ سورہ کہف رکوع

حضرت جبرئیل علیہ السلام کو فرمایا کہ روئے زمین سے ہر رنگ کی مٹی سفید سرخ سیاہ شور شیریں میں نرم سخت میں سے ایک مشت خاک اٹھا کر لاؤ کہ میں ایک مخلوق پیدا کرتا ہوں جب حضرت جبرئیل علیہ السلام زمین کے پاس گئے۔
